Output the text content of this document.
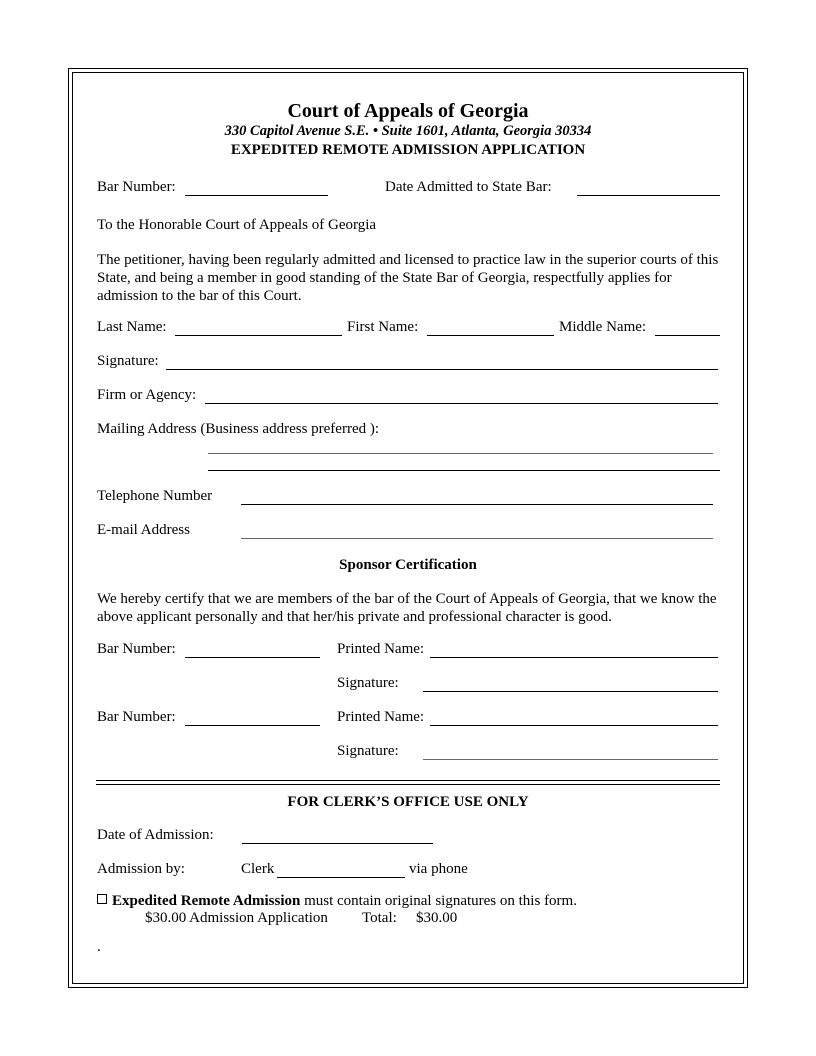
Court of Appeals of Georgia
330 Capitol Avenue S.E. • Suite 1601, Atlanta, Georgia 30334
EXPEDITED REMOTE ADMISSION APPLICATION
Bar Number:	Date Admitted to State Bar:
To the Honorable Court of Appeals of Georgia
The petitioner, having been regularly admitted and licensed to practice law in the superior courts of this State, and being a member in good standing of the State Bar of Georgia, respectfully applies for admission to the bar of this Court.
Last Name:	First Name:	Middle Name:
Signature:
Firm or Agency:
Mailing Address (Business address preferred ):
Telephone Number
E-mail Address
Sponsor Certification
We hereby certify that we are members of the bar of the Court of Appeals of Georgia, that we know the above applicant personally and that her/his private and professional character is good.
Bar Number:	Printed Name:
Signature:
Bar Number:	Printed Name:
Signature:
FOR CLERK’S OFFICE USE ONLY
Date of Admission:
Admission by:	Clerk	via phone
Expedited Remote Admission must contain original signatures on this form.
$30.00 Admission Application Total: $30.00
.
